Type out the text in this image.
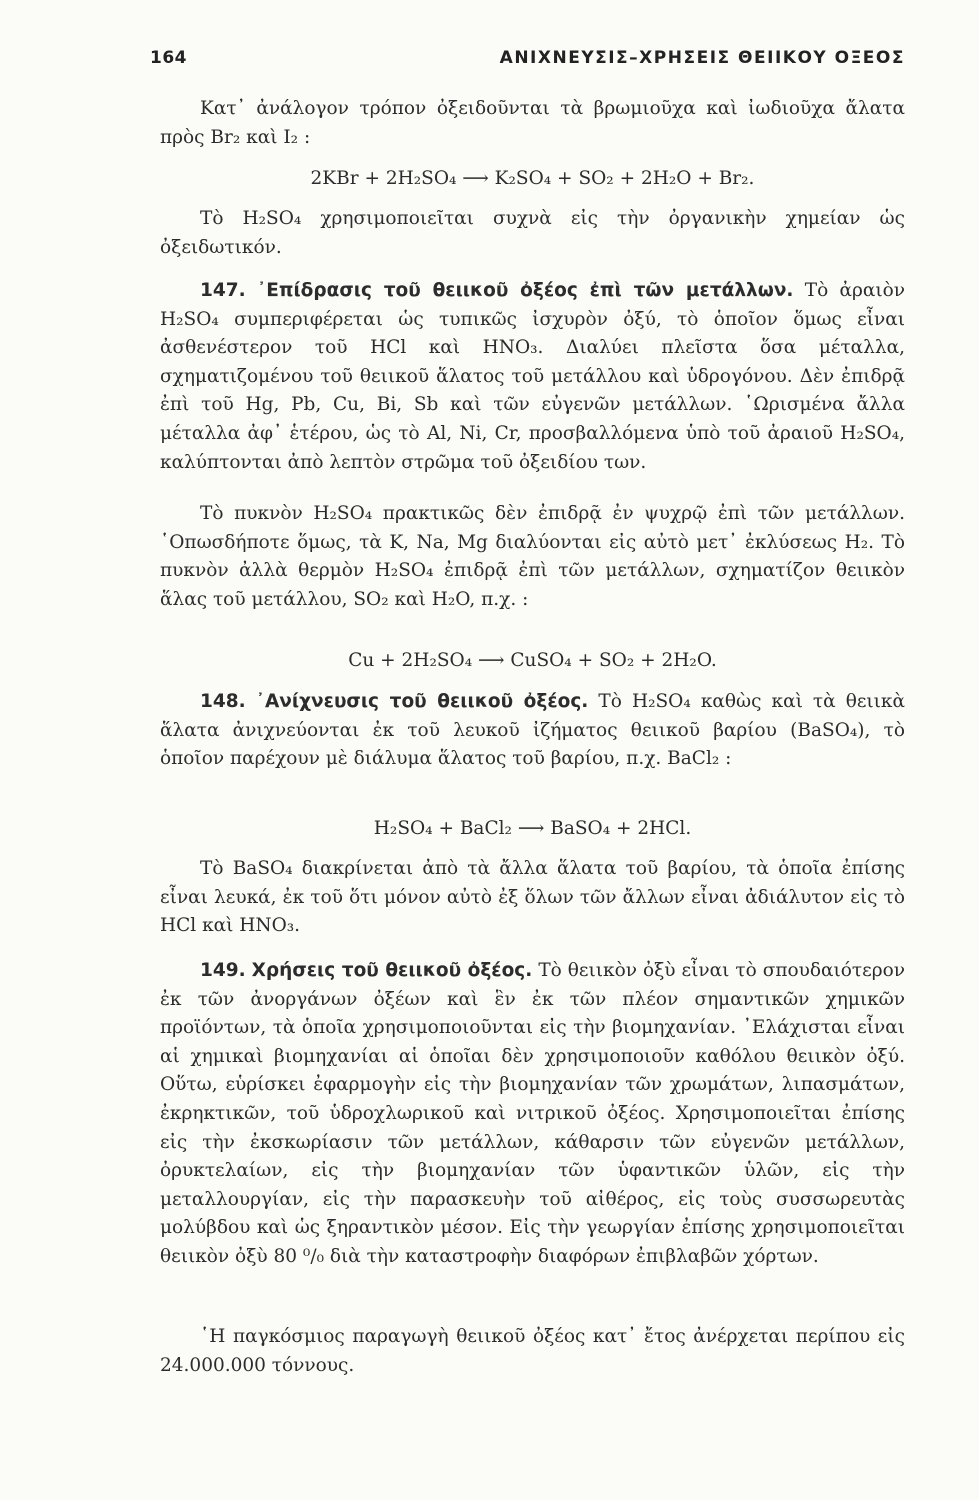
164	ΑΝΙΧΝΕΥΣΙΣ–ΧΡΗΣΕΙΣ ΘΕΙΙΚΟΥ ΟΞΕΟΣ

Κατ᾽ ἀνάλογον τρόπον ὀξειδοῦνται τὰ βρωμιοῦχα καὶ ἰωδιοῦχα ἄλατα πρὸς Br₂ καὶ I₂ :

2KBr + 2H₂SO₄ ⟶ K₂SO₄ + SO₂ + 2H₂O + Br₂.

Τὸ H₂SO₄ χρησιμοποιεῖται συχνὰ εἰς τὴν ὀργανικὴν χημείαν ὡς ὀξειδωτικόν.

147. ᾿Επίδρασις τοῦ θειικοῦ ὀξέος ἐπὶ τῶν μετάλλων. Τὸ ἀραιὸν H₂SO₄ συμπεριφέρεται ὡς τυπικῶς ἰσχυρὸν ὀξύ, τὸ ὁποῖον ὅμως εἶναι ἀσθενέστερον τοῦ HCl καὶ HNO₃. Διαλύει πλεῖστα ὅσα μέταλλα, σχηματιζομένου τοῦ θειικοῦ ἅλατος τοῦ μετάλλου καὶ ὑδρογόνου. Δὲν ἐπιδρᾷ ἐπὶ τοῦ Hg, Pb, Cu, Bi, Sb καὶ τῶν εὐγενῶν μετάλλων. ῾Ωρισμένα ἄλλα μέταλλα ἀφ᾽ ἑτέρου, ὡς τὸ Al, Ni, Cr, προσβαλλόμενα ὑπὸ τοῦ ἀραιοῦ H₂SO₄, καλύπτονται ἀπὸ λεπτὸν στρῶμα τοῦ ὀξειδίου των.

Τὸ πυκνὸν H₂SO₄ πρακτικῶς δὲν ἐπιδρᾷ ἐν ψυχρῷ ἐπὶ τῶν μετάλλων. ῾Οπωσδήποτε ὅμως, τὰ K, Na, Mg διαλύονται εἰς αὐτὸ μετ᾽ ἐκλύσεως H₂. Τὸ πυκνὸν ἀλλὰ θερμὸν H₂SO₄ ἐπιδρᾷ ἐπὶ τῶν μετάλλων, σχηματίζον θειικὸν ἅλας τοῦ μετάλλου, SO₂ καὶ H₂O, π.χ. :

Cu + 2H₂SO₄ ⟶ CuSO₄ + SO₂ + 2H₂O.

148. ᾿Ανίχνευσις τοῦ θειικοῦ ὀξέος. Τὸ H₂SO₄ καθὼς καὶ τὰ θειικὰ ἅλατα ἀνιχνεύονται ἐκ τοῦ λευκοῦ ἰζήματος θειικοῦ βαρίου (BaSO₄), τὸ ὁποῖον παρέχουν μὲ διάλυμα ἅλατος τοῦ βαρίου, π.χ. BaCl₂ :

H₂SO₄ + BaCl₂ ⟶ BaSO₄ + 2HCl.

Τὸ BaSO₄ διακρίνεται ἀπὸ τὰ ἄλλα ἅλατα τοῦ βαρίου, τὰ ὁποῖα ἐπίσης εἶναι λευκά, ἐκ τοῦ ὅτι μόνον αὐτὸ ἐξ ὅλων τῶν ἄλλων εἶναι ἀδιάλυτον εἰς τὸ HCl καὶ HNO₃.

149. Χρήσεις τοῦ θειικοῦ ὀξέος. Τὸ θειικὸν ὀξὺ εἶναι τὸ σπουδαιότερον ἐκ τῶν ἀνοργάνων ὀξέων καὶ ἓν ἐκ τῶν πλέον σημαντικῶν χημικῶν προϊόντων, τὰ ὁποῖα χρησιμοποιοῦνται εἰς τὴν βιομηχανίαν. ᾿Ελάχισται εἶναι αἱ χημικαὶ βιομηχανίαι αἱ ὁποῖαι δὲν χρησιμοποιοῦν καθόλου θειικὸν ὀξύ. Οὕτω, εὑρίσκει ἐφαρμογὴν εἰς τὴν βιομηχανίαν τῶν χρωμάτων, λιπασμάτων, ἐκρηκτικῶν, τοῦ ὑδροχλωρικοῦ καὶ νιτρικοῦ ὀξέος. Χρησιμοποιεῖται ἐπίσης εἰς τὴν ἐκσκωρίασιν τῶν μετάλλων, κάθαρσιν τῶν εὐγενῶν μετάλλων, ὀρυκτελαίων, εἰς τὴν βιομηχανίαν τῶν ὑφαντικῶν ὑλῶν, εἰς τὴν μεταλλουργίαν, εἰς τὴν παρασκευὴν τοῦ αἰθέρος, εἰς τοὺς συσσωρευτὰς μολύβδου καὶ ὡς ξηραντικὸν μέσον. Εἰς τὴν γεωργίαν ἐπίσης χρησιμοποιεῖται θειικὸν ὀξὺ 80 ⁰/₀ διὰ τὴν καταστροφὴν διαφόρων ἐπιβλαβῶν χόρτων.

῾Η παγκόσμιος παραγωγὴ θειικοῦ ὀξέος κατ᾽ ἔτος ἀνέρχεται περίπου εἰς 24.000.000 τόννους.
